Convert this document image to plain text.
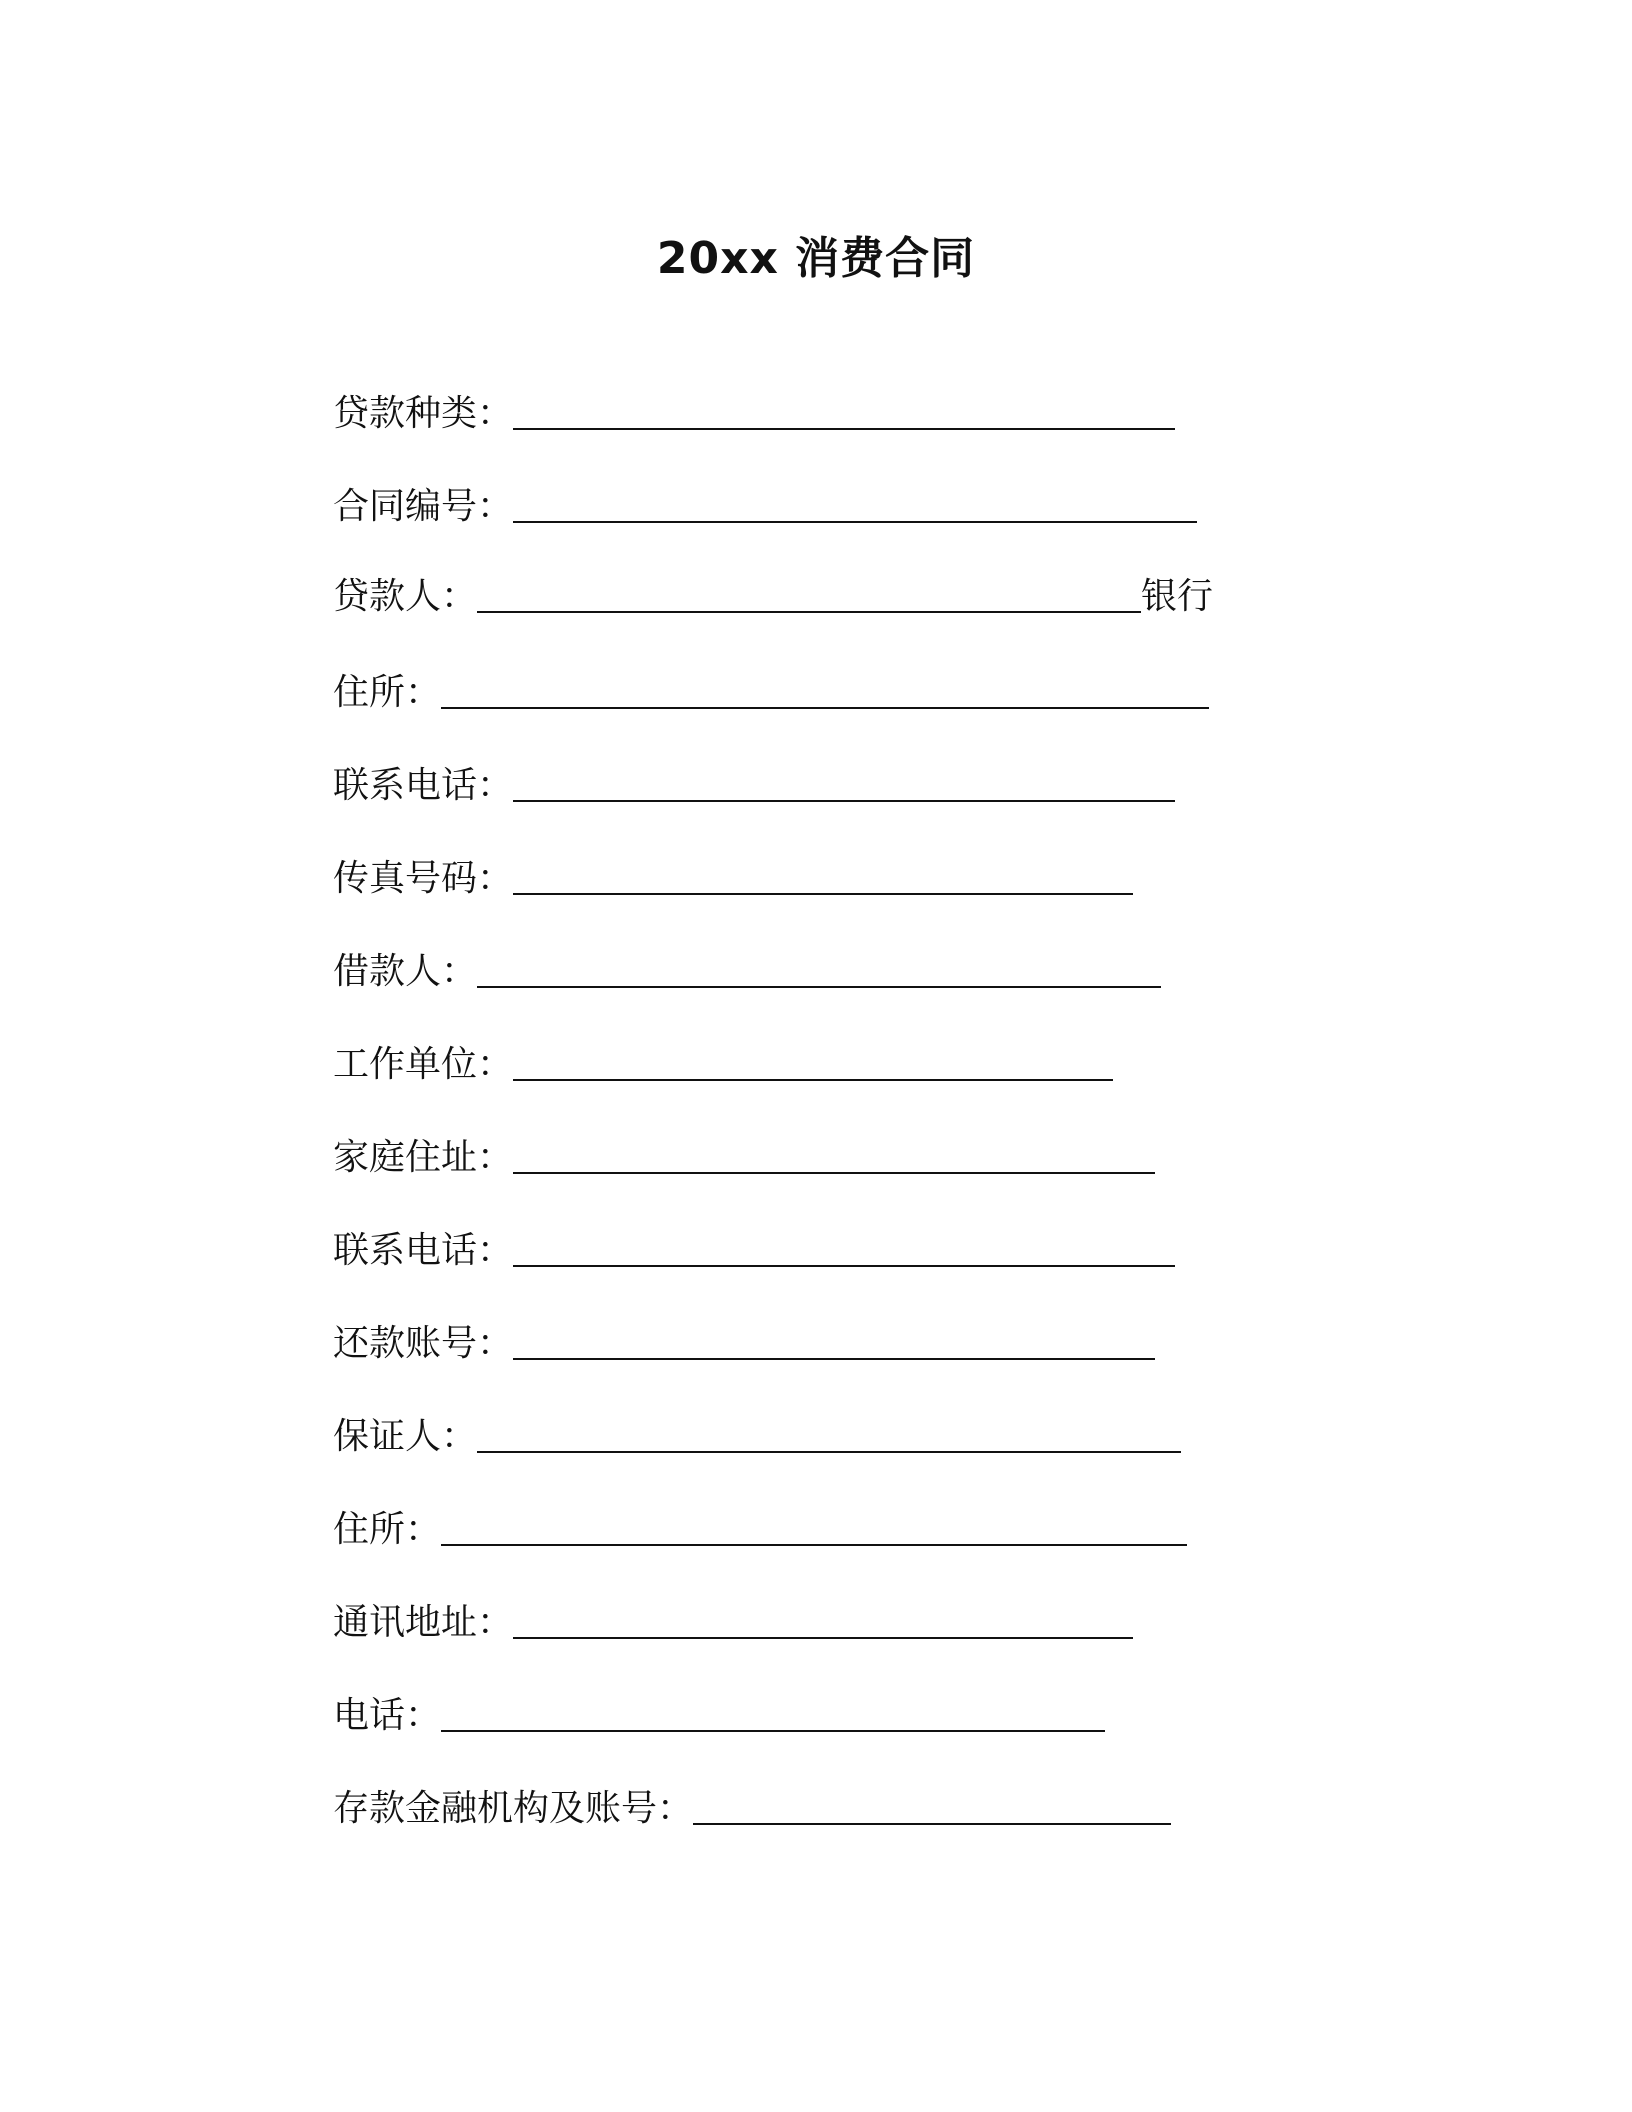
20xx 消费合同
贷款种类：
合同编号：
贷款人：	银行
住所：
联系电话：
传真号码：
借款人：
工作单位：
家庭住址：
联系电话：
还款账号：
保证人：
住所：
通讯地址：
电话：
存款金融机构及账号：
